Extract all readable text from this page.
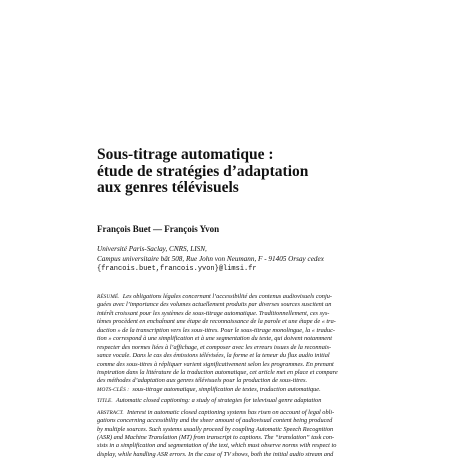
Sous-titrage automatique :
étude de stratégies d’adaptation
aux genres télévisuels
François Buet — François Yvon
Université Paris-Saclay, CNRS, LISN,
Campus universitaire bât 508, Rue John von Neumann, F - 91405 Orsay cedex
{francois.buet,francois.yvon}@limsi.fr
RÉSUMÉ. Les obligations légales concernant l’accessibilité des contenus audiovisuels conju-
guées avec l’importance des volumes actuellement produits par diverses sources suscitent un
intérêt croissant pour les systèmes de sous-titrage automatique. Traditionnellement, ces sys-
tèmes procèdent en enchaînant une étape de reconnaissance de la parole et une étape de « tra-
duction » de la transcription vers les sous-titres. Pour le sous-titrage monolingue, la « traduc-
tion » correspond à une simplification et à une segmentation du texte, qui doivent notamment
respecter des normes liées à l’affichage, et composer avec les erreurs issues de la reconnais-
sance vocale. Dans le cas des émissions télévisées, la forme et la teneur du flux audio initial
comme des sous-titres à répliquer varient significativement selon les programmes. En prenant
inspiration dans la littérature de la traduction automatique, cet article met en place et compare
des méthodes d’adaptation aux genres télévisuels pour la production de sous-titres.
MOTS-CLÉS : sous-titrage automatique, simplification de textes, traduction automatique.
TITLE. Automatic closed captioning: a study of strategies for televisual genre adaptation
ABSTRACT. Interest in automatic closed captioning systems has risen on account of legal obli-
gations concerning accessibility and the sheer amount of audiovisual content being produced
by multiple sources. Such systems usually proceed by coupling Automatic Speech Recognition
(ASR) and Machine Translation (MT) from transcript to captions. The “translation” task con-
sists in a simplification and segmentation of the text, which must observe norms with respect to
display, while handling ASR errors. In the case of TV shows, both the initial audio stream and
